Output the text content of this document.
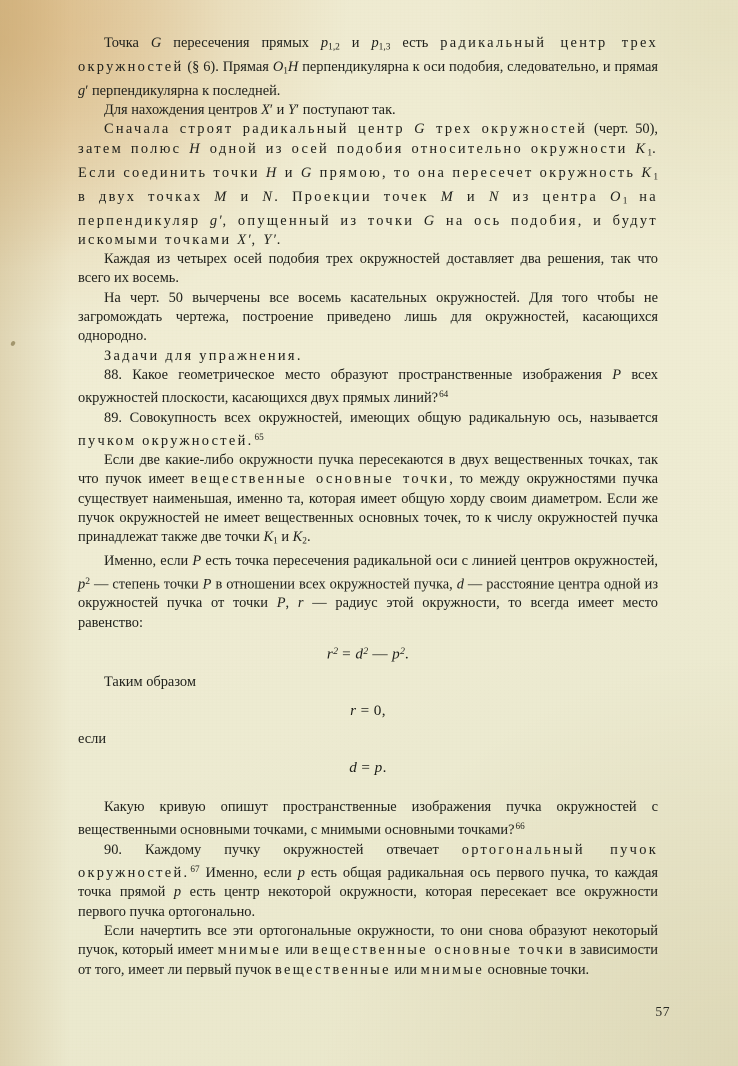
Точка G пересечения прямых $p_{1,2}$ и $p_{1,3}$ есть радикальный центр трех окружностей (§ 6). Прямая $O_1H$ перпендикулярна к оси подобия, следовательно, и прямая g′ перпендикулярна к последней.

Для нахождения центров X′ и Y′ поступают так.

Сначала строят радикальный центр G трех окружностей (черт. 50), затем полюс H одной из осей подобия относительно окружности $K_1$. Если соединить точки H и G прямою, то она пересечет окружность $K_1$ в двух точках M и N. Проекции точек M и N из центра $O_1$ на перпендикуляр g′, опущенный из точки G на ось подобия, и будут искомыми точками X′, Y′.

Каждая из четырех осей подобия трех окружностей доставляет два решения, так что всего их восемь.

На черт. 50 вычерчены все восемь касательных окружностей. Для того чтобы не загромождать чертежа, построение приведено лишь для окружностей, касающихся однородно.

Задачи для упражнения.

88. Какое геометрическое место образуют пространственные изображения P всех окружностей плоскости, касающихся двух прямых линий?$^{64}$

89. Совокупность всех окружностей, имеющих общую радикальную ось, называется пучком окружностей.$^{65}$

Если две какие-либо окружности пучка пересекаются в двух вещественных точках, так что пучок имеет вещественные основные точки, то между окружностями пучка существует наименьшая, именно та, которая имеет общую хорду своим диаметром. Если же пучок окружностей не имеет вещественных основных точек, то к числу окружностей пучка принадлежат также две точки $K_1$ и $K_2$.

Именно, если P есть точка пересечения радикальной оси с линией центров окружностей, $p^2$ — степень точки P в отношении всех окружностей пучка, d — расстояние центра одной из окружностей пучка от точки P, r — радиус этой окружности, то всегда имеет место равенство:

$r^2 = d^2$ — $p^2$.

Таким образом

r = 0,

если

d = p.

Какую кривую опишут пространственные изображения пучка окружностей с вещественными основными точками, с мнимыми основными точками?$^{66}$

90. Каждому пучку окружностей отвечает ортогональный пучок окружностей.$^{67}$ Именно, если p есть общая радикальная ось первого пучка, то каждая точка прямой p есть центр некоторой окружности, которая пересекает все окружности первого пучка ортогонально.

Если начертить все эти ортогональные окружности, то они снова образуют некоторый пучок, который имеет мнимые или вещественные основные точки в зависимости от того, имеет ли первый пучок вещественные или мнимые основные точки.

57
